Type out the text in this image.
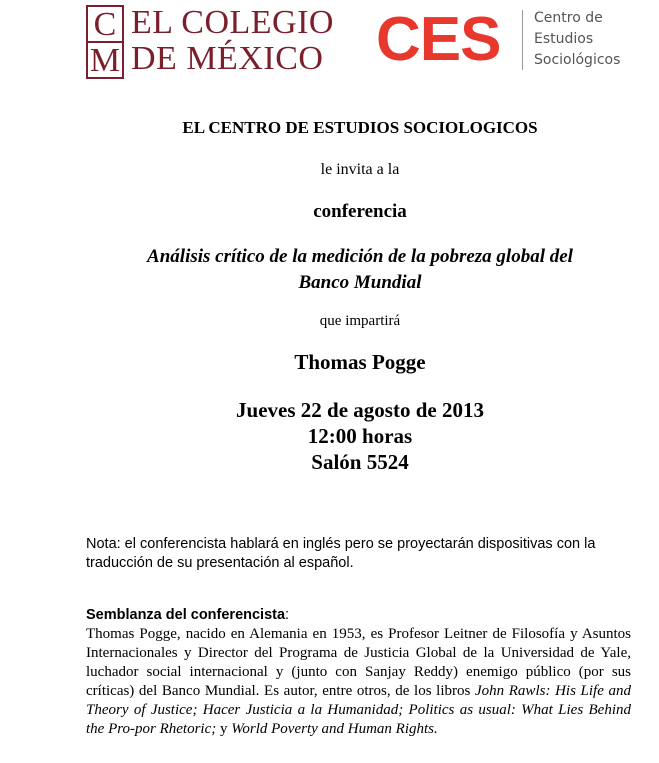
C
M
EL COLEGIO
DE MÉXICO CES Centro de
Estudios
Sociológicos
EL CENTRO DE ESTUDIOS SOCIOLOGICOS
le invita a la
conferencia
Análisis crítico de la medición de la pobreza global del
Banco Mundial
que impartirá
Thomas Pogge
Jueves 22 de agosto de 2013
12:00 horas
Salón 5524
Nota: el conferencista hablará en inglés pero se proyectarán dispositivas con la traducción de su presentación al español.
Semblanza del conferencista:
Thomas Pogge, nacido en Alemania en 1953, es Profesor Leitner de Filosofía y Asuntos Internacionales y Director del Programa de Justicia Global de la Universidad de Yale, luchador social internacional y (junto con Sanjay Reddy) enemigo público (por sus críticas) del Banco Mundial. Es autor, entre otros, de los libros John Rawls: His Life and Theory of Justice; Hacer Justicia a la Humanidad; Politics as usual: What Lies Behind the Pro-por Rhetoric; y World Poverty and Human Rights.
